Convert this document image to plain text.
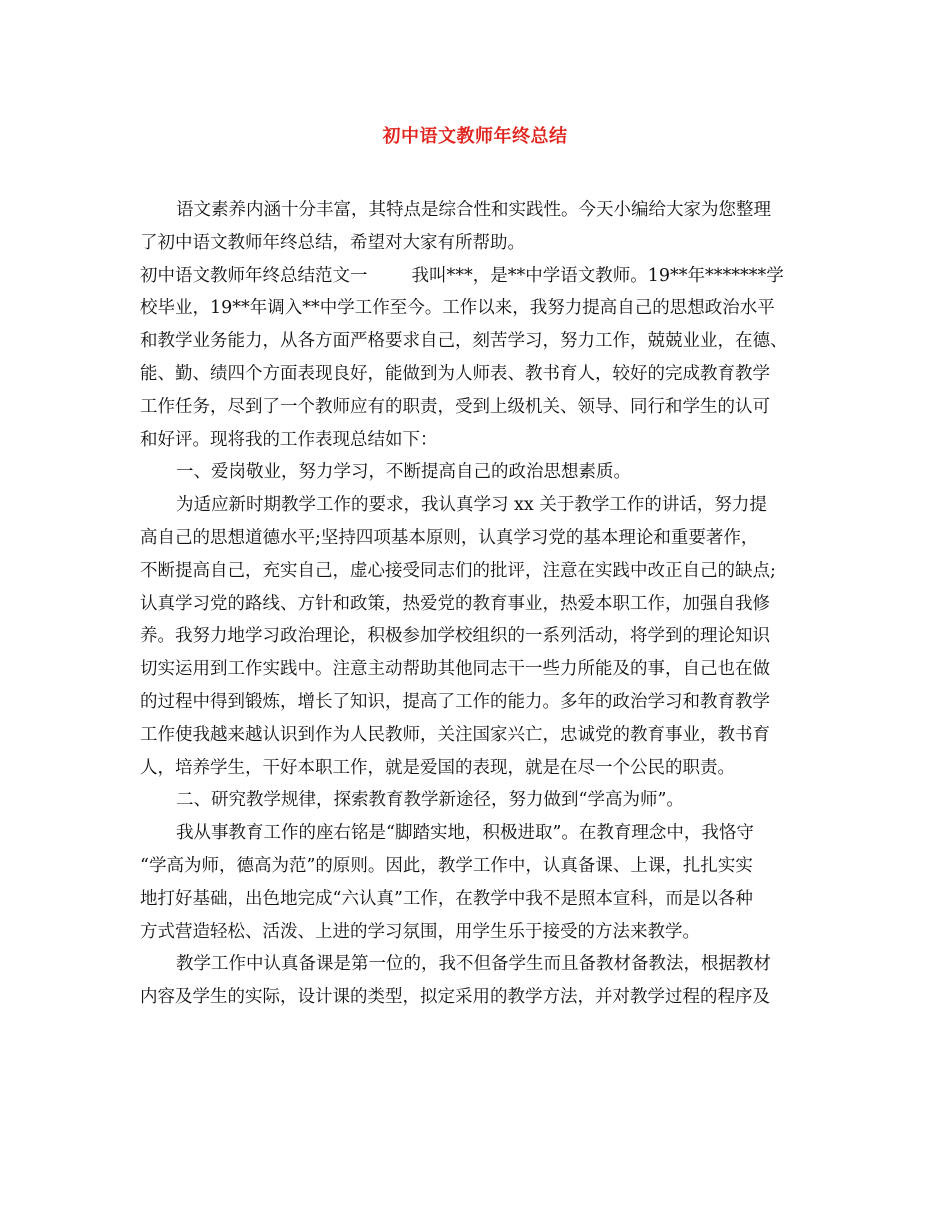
初中语文教师年终总结
语文素养内涵十分丰富，其特点是综合性和实践性。今天小编给大家为您整理
了初中语文教师年终总结，希望对大家有所帮助。
初中语文教师年终总结范文一	我叫***，是**中学语文教师。19**年*******学
校毕业，19**年调入**中学工作至今。工作以来，我努力提高自己的思想政治水平
和教学业务能力，从各方面严格要求自己，刻苦学习，努力工作，兢兢业业，在德、
能、勤、绩四个方面表现良好，能做到为人师表、教书育人，较好的完成教育教学
工作任务，尽到了一个教师应有的职责，受到上级机关、领导、同行和学生的认可
和好评。现将我的工作表现总结如下：
一、爱岗敬业，努力学习，不断提高自己的政治思想素质。
为适应新时期教学工作的要求，我认真学习 xx 关于教学工作的讲话，努力提
高自己的思想道德水平;坚持四项基本原则，认真学习党的基本理论和重要著作，
不断提高自己，充实自己，虚心接受同志们的批评，注意在实践中改正自己的缺点;
认真学习党的路线、方针和政策，热爱党的教育事业，热爱本职工作，加强自我修
养。我努力地学习政治理论，积极参加学校组织的一系列活动，将学到的理论知识
切实运用到工作实践中。注意主动帮助其他同志干一些力所能及的事，自己也在做
的过程中得到锻炼，增长了知识，提高了工作的能力。多年的政治学习和教育教学
工作使我越来越认识到作为人民教师，关注国家兴亡，忠诚党的教育事业，教书育
人，培养学生，干好本职工作，就是爱国的表现，就是在尽一个公民的职责。
二、研究教学规律，探索教育教学新途径，努力做到“学高为师”。
我从事教育工作的座右铭是“脚踏实地，积极进取”。在教育理念中，我恪守
“学高为师，德高为范”的原则。因此，教学工作中，认真备课、上课，扎扎实实
地打好基础，出色地完成“六认真”工作，在教学中我不是照本宣科，而是以各种
方式营造轻松、活泼、上进的学习氛围，用学生乐于接受的方法来教学。
教学工作中认真备课是第一位的，我不但备学生而且备教材备教法，根据教材
内容及学生的实际，设计课的类型，拟定采用的教学方法，并对教学过程的程序及
